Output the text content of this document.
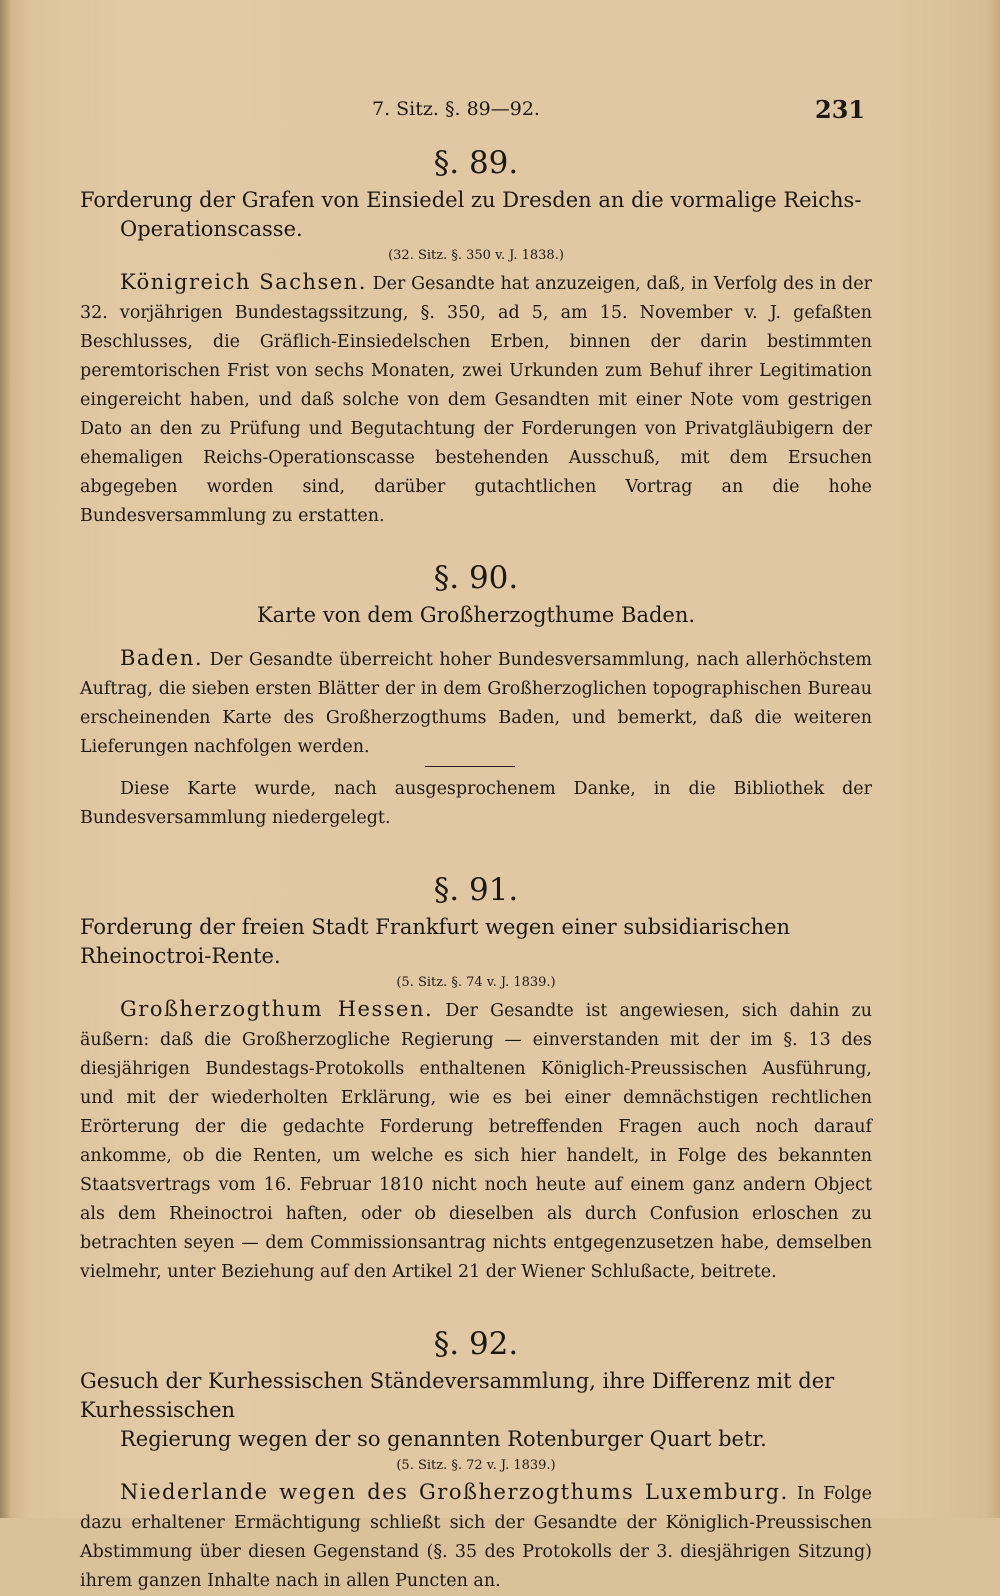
7. Sitz. §. 89—92.	231
§. 89.
Forderung der Grafen von Einsiedel zu Dresden an die vormalige Reichs-
Operationscasse.
(32. Sitz. §. 350 v. J. 1838.)

Königreich Sachsen. Der Gesandte hat anzuzeigen, daß, in Verfolg des in der 32. vorjährigen Bundestagssitzung, §. 350, ad 5, am 15. November v. J. gefaßten Beschlusses, die Gräflich-Einsiedelschen Erben, binnen der darin bestimmten peremtorischen Frist von sechs Monaten, zwei Urkunden zum Behuf ihrer Legitimation eingereicht haben, und daß solche von dem Gesandten mit einer Note vom gestrigen Dato an den zu Prüfung und Begutachtung der Forderungen von Privatgläubigern der ehemaligen Reichs-Operationscasse bestehenden Ausschuß, mit dem Ersuchen abgegeben worden sind, darüber gutachtlichen Vortrag an die hohe Bundesversammlung zu erstatten.

§. 90.
Karte von dem Großherzogthume Baden.

Baden. Der Gesandte überreicht hoher Bundesversammlung, nach allerhöchstem Auftrag, die sieben ersten Blätter der in dem Großherzoglichen topographischen Bureau erscheinenden Karte des Großherzogthums Baden, und bemerkt, daß die weiteren Lieferungen nachfolgen werden.

Diese Karte wurde, nach ausgesprochenem Danke, in die Bibliothek der Bundesversammlung niedergelegt.

§. 91.
Forderung der freien Stadt Frankfurt wegen einer subsidiarischen Rheinoctroi-Rente.
(5. Sitz. §. 74 v. J. 1839.)

Großherzogthum Hessen. Der Gesandte ist angewiesen, sich dahin zu äußern: daß die Großherzogliche Regierung — einverstanden mit der im §. 13 des diesjährigen Bundestags-Protokolls enthaltenen Königlich-Preussischen Ausführung, und mit der wiederholten Erklärung, wie es bei einer demnächstigen rechtlichen Erörterung der die gedachte Forderung betreffenden Fragen auch noch darauf ankomme, ob die Renten, um welche es sich hier handelt, in Folge des bekannten Staatsvertrags vom 16. Februar 1810 nicht noch heute auf einem ganz andern Object als dem Rheinoctroi haften, oder ob dieselben als durch Confusion erloschen zu betrachten seyen — dem Commissionsantrag nichts entgegenzusetzen habe, demselben vielmehr, unter Beziehung auf den Artikel 21 der Wiener Schlußacte, beitrete.

§. 92.
Gesuch der Kurhessischen Ständeversammlung, ihre Differenz mit der Kurhessischen
Regierung wegen der so genannten Rotenburger Quart betr.
(5. Sitz. §. 72 v. J. 1839.)

Niederlande wegen des Großherzogthums Luxemburg. In Folge dazu erhaltener Ermächtigung schließt sich der Gesandte der Königlich-Preussischen Abstimmung über diesen Gegenstand (§. 35 des Protokolls der 3. diesjährigen Sitzung) ihrem ganzen Inhalte nach in allen Puncten an.
